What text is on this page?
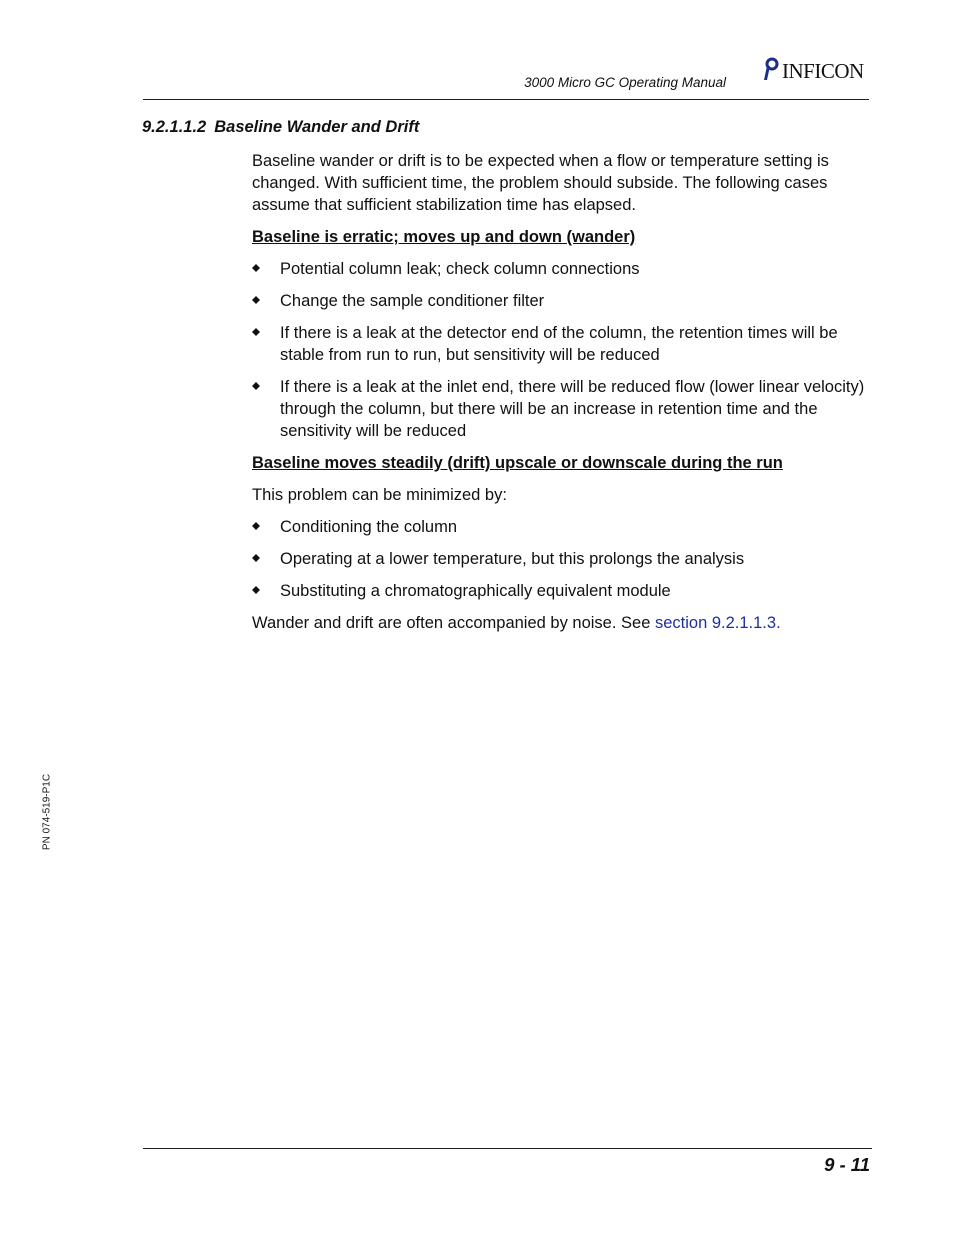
3000 Micro GC Operating Manual	INFICON
9.2.1.1.2 Baseline Wander and Drift

Baseline wander or drift is to be expected when a flow or temperature setting is changed. With sufficient time, the problem should subside. The following cases assume that sufficient stabilization time has elapsed.

Baseline is erratic; moves up and down (wander)
Potential column leak; check column connections
Change the sample conditioner filter
If there is a leak at the detector end of the column, the retention times will be stable from run to run, but sensitivity will be reduced
If there is a leak at the inlet end, there will be reduced flow (lower linear velocity) through the column, but there will be an increase in retention time and the sensitivity will be reduced
Baseline moves steadily (drift) upscale or downscale during the run

This problem can be minimized by:

Conditioning the column
Operating at a lower temperature, but this prolongs the analysis
Substituting a chromatographically equivalent module

Wander and drift are often accompanied by noise. See section 9.2.1.1.3.

PN 074-519-P1C
9 - 11
